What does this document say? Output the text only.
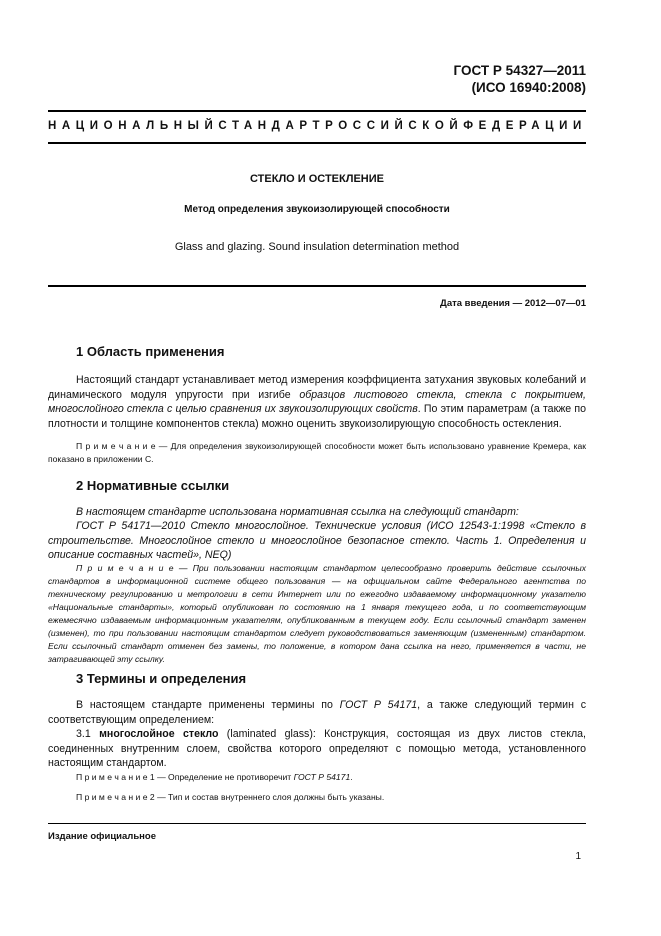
ГОСТ Р 54327—2011
(ИСО 16940:2008)
НАЦИОНАЛЬНЫЙ СТАНДАРТ РОССИЙСКОЙ ФЕДЕРАЦИИ
СТЕКЛО И ОСТЕКЛЕНИЕ
Метод определения звукоизолирующей способности
Glass and glazing. Sound insulation determination method
Дата введения — 2012—07—01
1 Область применения
Настоящий стандарт устанавливает метод измерения коэффициента затухания звуковых колебаний и динамического модуля упругости при изгибе образцов листового стекла, стекла с покрытием, многослойного стекла с целью сравнения их звукоизолирующих свойств. По этим параметрам (а также по плотности и толщине компонентов стекла) можно оценить звукоизолирующую способность остекления.
П р и м е ч а н и е — Для определения звукоизолирующей способности может быть использовано уравнение Кремера, как показано в приложении С.
2 Нормативные ссылки
В настоящем стандарте использована нормативная ссылка на следующий стандарт:
ГОСТ Р 54171—2010 Стекло многослойное. Технические условия (ИСО 12543-1:1998 «Стекло в строительстве. Многослойное стекло и многослойное безопасное стекло. Часть 1. Определения и описание составных частей», NEQ)
П р и м е ч а н и е — При пользовании настоящим стандартом целесообразно проверить действие ссылочных стандартов в информационной системе общего пользования — на официальном сайте Федерального агентства по техническому регулированию и метрологии в сети Интернет или по ежегодно издаваемому информационному указателю «Национальные стандарты», который опубликован по состоянию на 1 января текущего года, и по соответствующим ежемесячно издаваемым информационным указателям, опубликованным в текущем году. Если ссылочный стандарт заменен (изменен), то при пользовании настоящим стандартом следует руководствоваться заменяющим (измененным) стандартом. Если ссылочный стандарт отменен без замены, то положение, в котором дана ссылка на него, применяется в части, не затрагивающей эту ссылку.
3 Термины и определения
В настоящем стандарте применены термины по ГОСТ Р 54171, а также следующий термин с соответствующим определением:
3.1 многослойное стекло (laminated glass): Конструкция, состоящая из двух листов стекла, соединенных внутренним слоем, свойства которого определяют с помощью метода, установленного настоящим стандартом.
П р и м е ч а н и е 1 — Определение не противоречит ГОСТ Р 54171.
П р и м е ч а н и е 2 — Тип и состав внутреннего слоя должны быть указаны.
Издание официальное
1
